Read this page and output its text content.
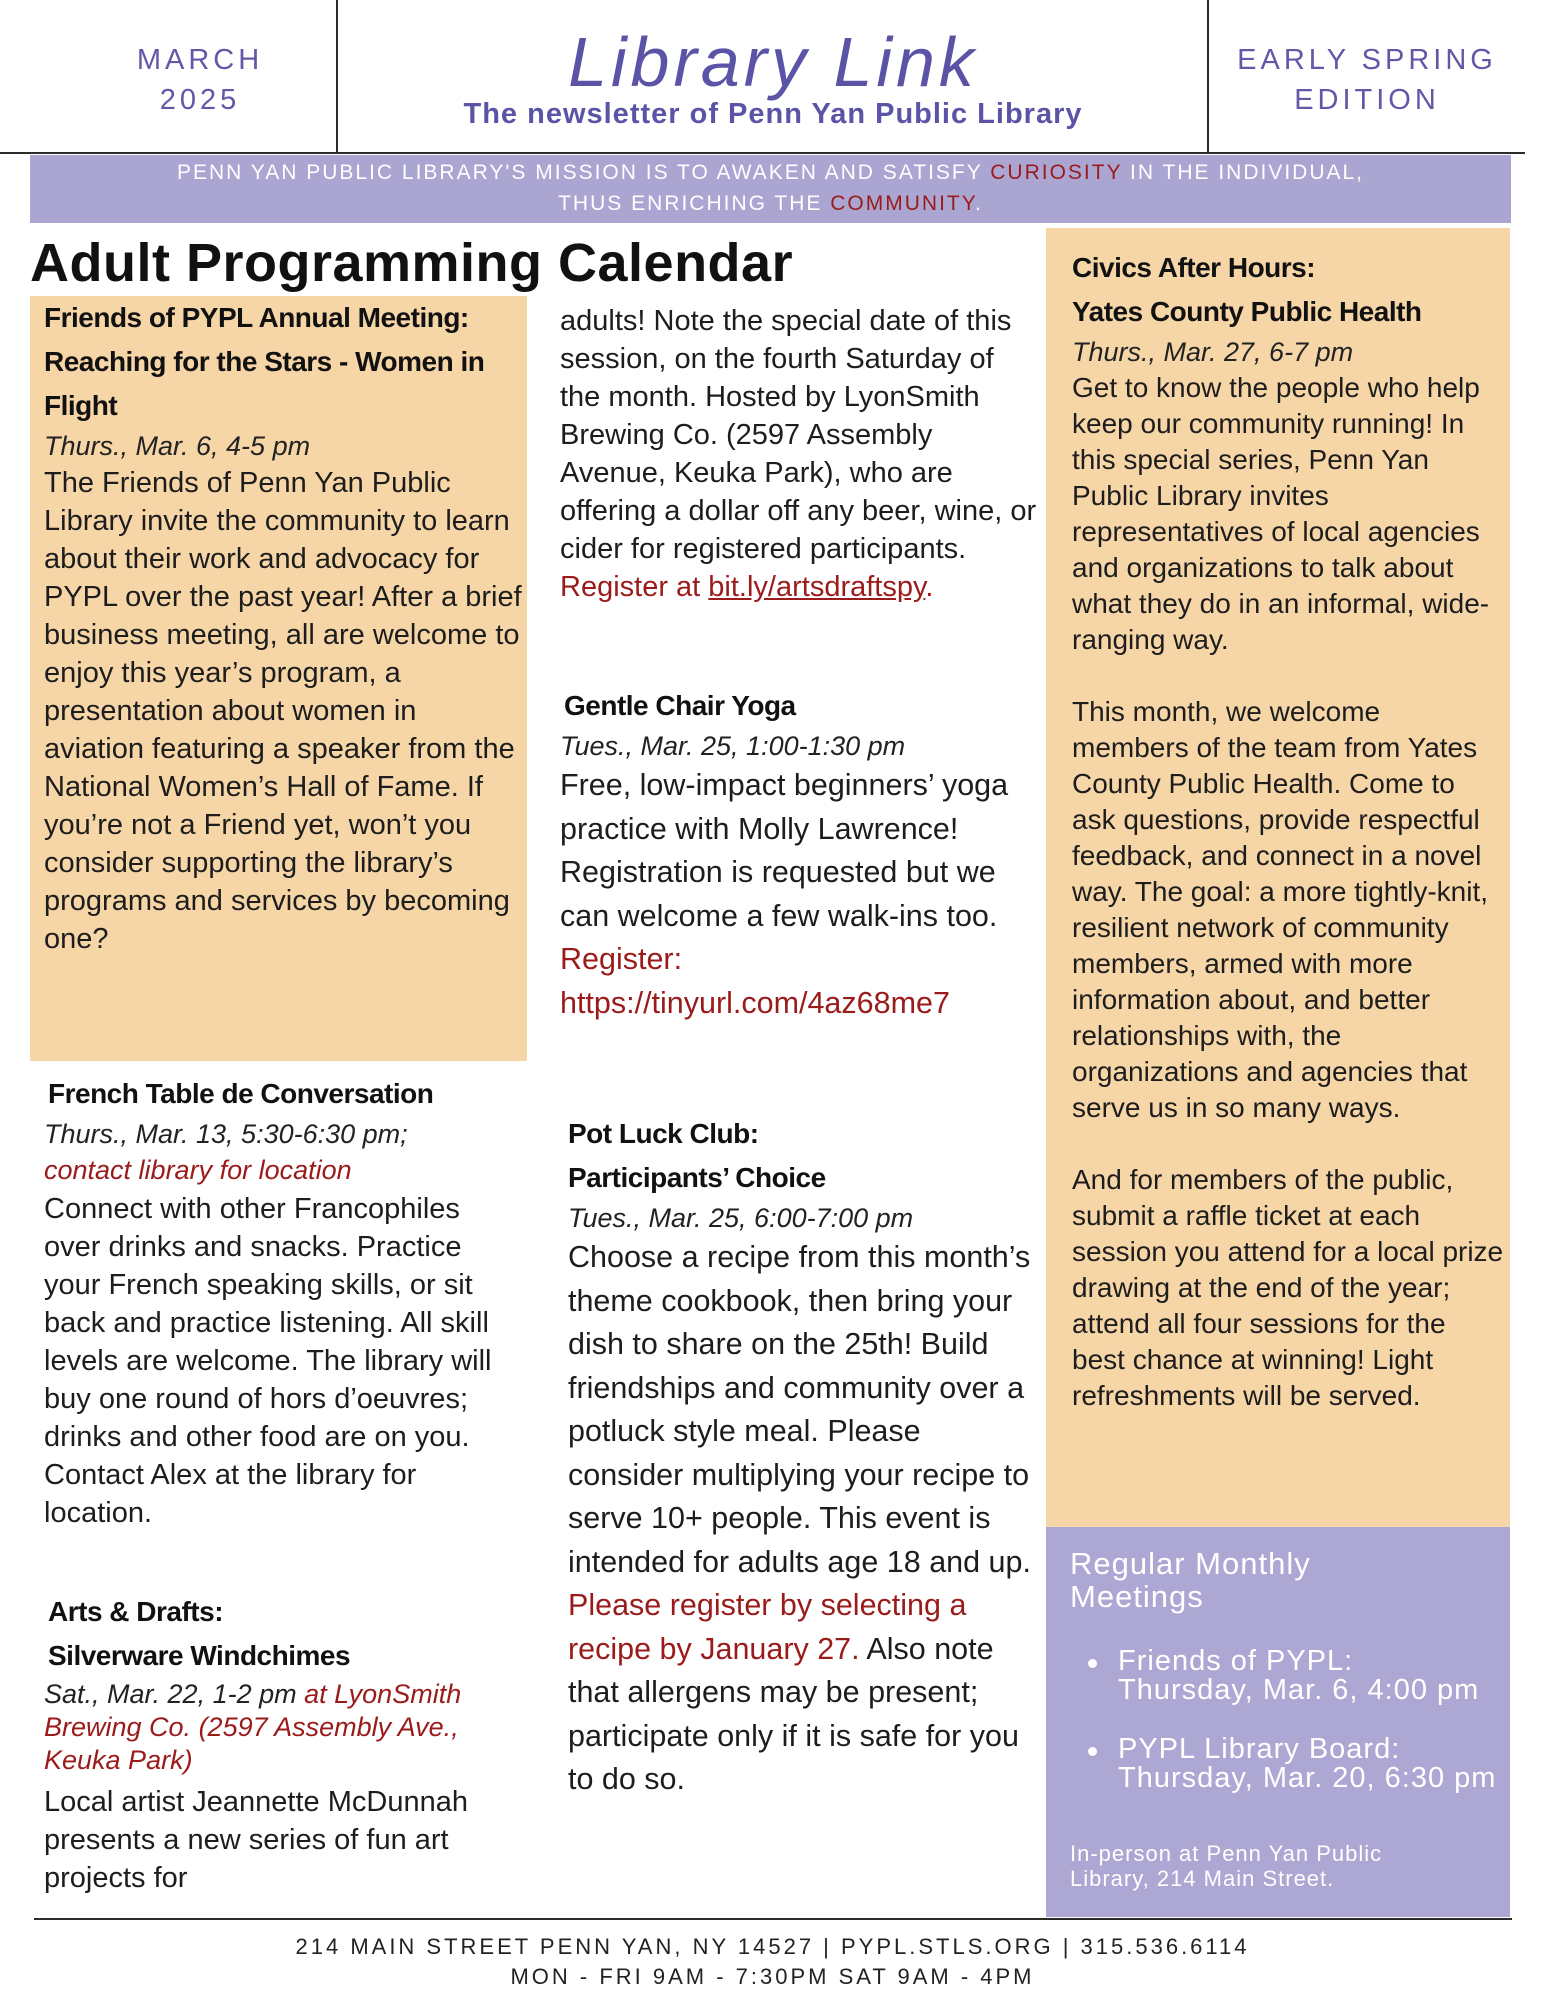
MARCH
2025	Library Link
The newsletter of Penn Yan Public Library
EARLY SPRING
EDITION
PENN YAN PUBLIC LIBRARY'S MISSION IS TO AWAKEN AND SATISFY CURIOSITY IN THE INDIVIDUAL,
THUS ENRICHING THE COMMUNITY.
Adult Programming Calendar
Friends of PYPL Annual Meeting: Reaching for the Stars - Women in Flight
Thurs., Mar. 6, 4-5 pm
The Friends of Penn Yan Public Library invite the community to learn about their work and advocacy for PYPL over the past year! After a brief business meeting, all are welcome to enjoy this year’s program, a presentation about women in aviation featuring a speaker from the National Women’s Hall of Fame. If you’re not a Friend yet, won’t you consider supporting the library’s programs and services by becoming one?
French Table de Conversation
Thurs., Mar. 13, 5:30-6:30 pm;
contact library for location
Connect with other Francophiles over drinks and snacks. Practice your French speaking skills, or sit back and practice listening. All skill levels are welcome. The library will buy one round of hors d’oeuvres; drinks and other food are on you. Contact Alex at the library for location.
Arts & Drafts:
Silverware Windchimes
Sat., Mar. 22, 1-2 pm at LyonSmith Brewing Co. (2597 Assembly Ave., Keuka Park)
Local artist Jeannette McDunnah presents a new series of fun art projects for
adults! Note the special date of this session, on the fourth Saturday of the month. Hosted by LyonSmith Brewing Co. (2597 Assembly Avenue, Keuka Park), who are offering a dollar off any beer, wine, or cider for registered participants. Register at bit.ly/artsdraftspy.
Gentle Chair Yoga
Tues., Mar. 25, 1:00-1:30 pm
Free, low-impact beginners’ yoga practice with Molly Lawrence! Registration is requested but we can welcome a few walk-ins too.
Register:
https://tinyurl.com/4az68me7
Pot Luck Club:
Participants’ Choice
Tues., Mar. 25, 6:00-7:00 pm
Choose a recipe from this month’s theme cookbook, then bring your dish to share on the 25th! Build friendships and community over a potluck style meal. Please consider multiplying your recipe to serve 10+ people. This event is intended for adults age 18 and up. Please register by selecting a recipe by January 27. Also note that allergens may be present; participate only if it is safe for you to do so.
Civics After Hours:
Yates County Public Health
Thurs., Mar. 27, 6-7 pm
Get to know the people who help keep our community running! In this special series, Penn Yan Public Library invites representatives of local agencies and organizations to talk about what they do in an informal, wide-ranging way.
This month, we welcome members of the team from Yates County Public Health. Come to ask questions, provide respectful feedback, and connect in a novel way. The goal: a more tightly-knit, resilient network of community members, armed with more information about, and better relationships with, the organizations and agencies that serve us in so many ways.
And for members of the public, submit a raffle ticket at each session you attend for a local prize drawing at the end of the year; attend all four sessions for the best chance at winning! Light refreshments will be served.
Regular Monthly Meetings
Friends of PYPL:
Thursday, Mar. 6, 4:00 pm
PYPL Library Board:
Thursday, Mar. 20, 6:30 pm
In-person at Penn Yan Public Library, 214 Main Street.
214 MAIN STREET PENN YAN, NY 14527 | PYPL.STLS.ORG | 315.536.6114
MON - FRI 9AM - 7:30PM SAT 9AM - 4PM
